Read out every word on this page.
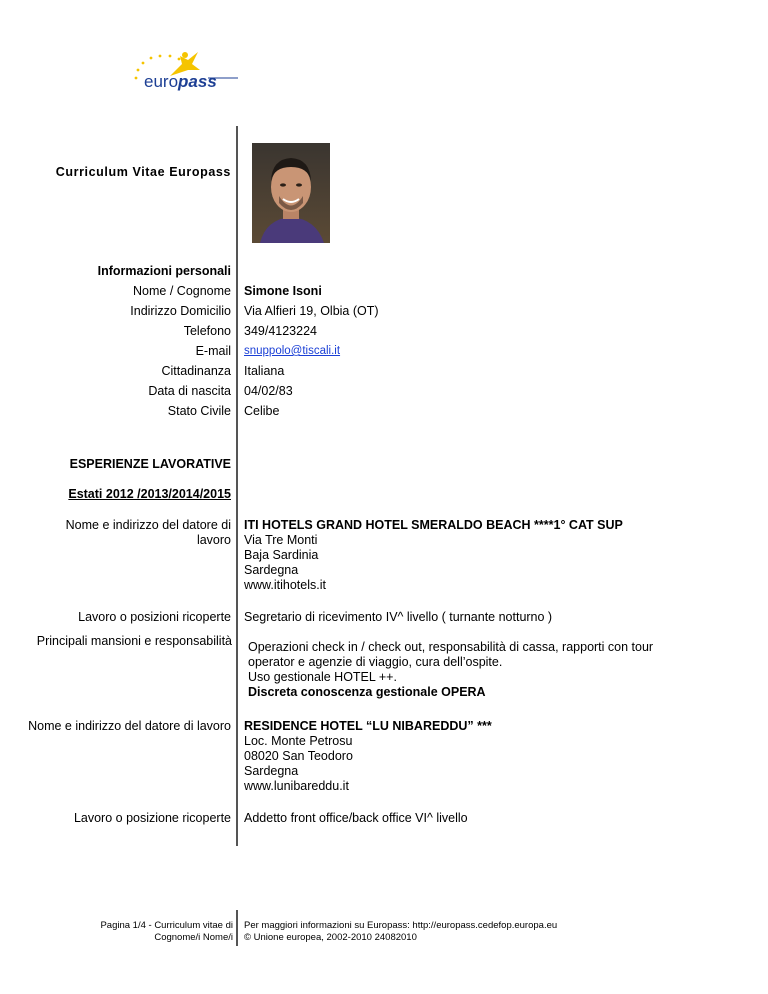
europass
Curriculum Vitae Europass
Informazioni personali
Nome / Cognome Simone Isoni
Indirizzo Domicilio Via Alfieri 19, Olbia (OT)
Telefono 349/4123224
E-mail snuppolo@tiscali.it
Cittadinanza Italiana
Data di nascita 04/02/83
Stato Civile Celibe
ESPERIENZE LAVORATIVE
Estati 2012 /2013/2014/2015
Nome e indirizzo del datore di
lavoro
ITI HOTELS GRAND HOTEL SMERALDO BEACH ****1° CAT SUP
Via Tre Monti
Baja Sardinia
Sardegna
www.itihotels.it
Lavoro o posizioni ricoperte Segretario di ricevimento IV^ livello ( turnante notturno )
Principali mansioni e responsabilità Operazioni check in / check out, responsabilità di cassa, rapporti con tour
operator e agenzie di viaggio, cura dell’ospite.
Uso gestionale HOTEL ++.
Discreta conoscenza gestionale OPERA
Nome e indirizzo del datore di lavoro RESIDENCE HOTEL “LU NIBAREDDU” ***
Loc. Monte Petrosu
08020 San Teodoro
Sardegna
www.lunibareddu.it
Lavoro o posizione ricoperte Addetto front office/back office VI^ livello
Pagina 1/4 - Curriculum vitae di
Cognome/i Nome/i
Per maggiori informazioni su Europass: http://europass.cedefop.europa.eu
© Unione europea, 2002-2010 24082010
